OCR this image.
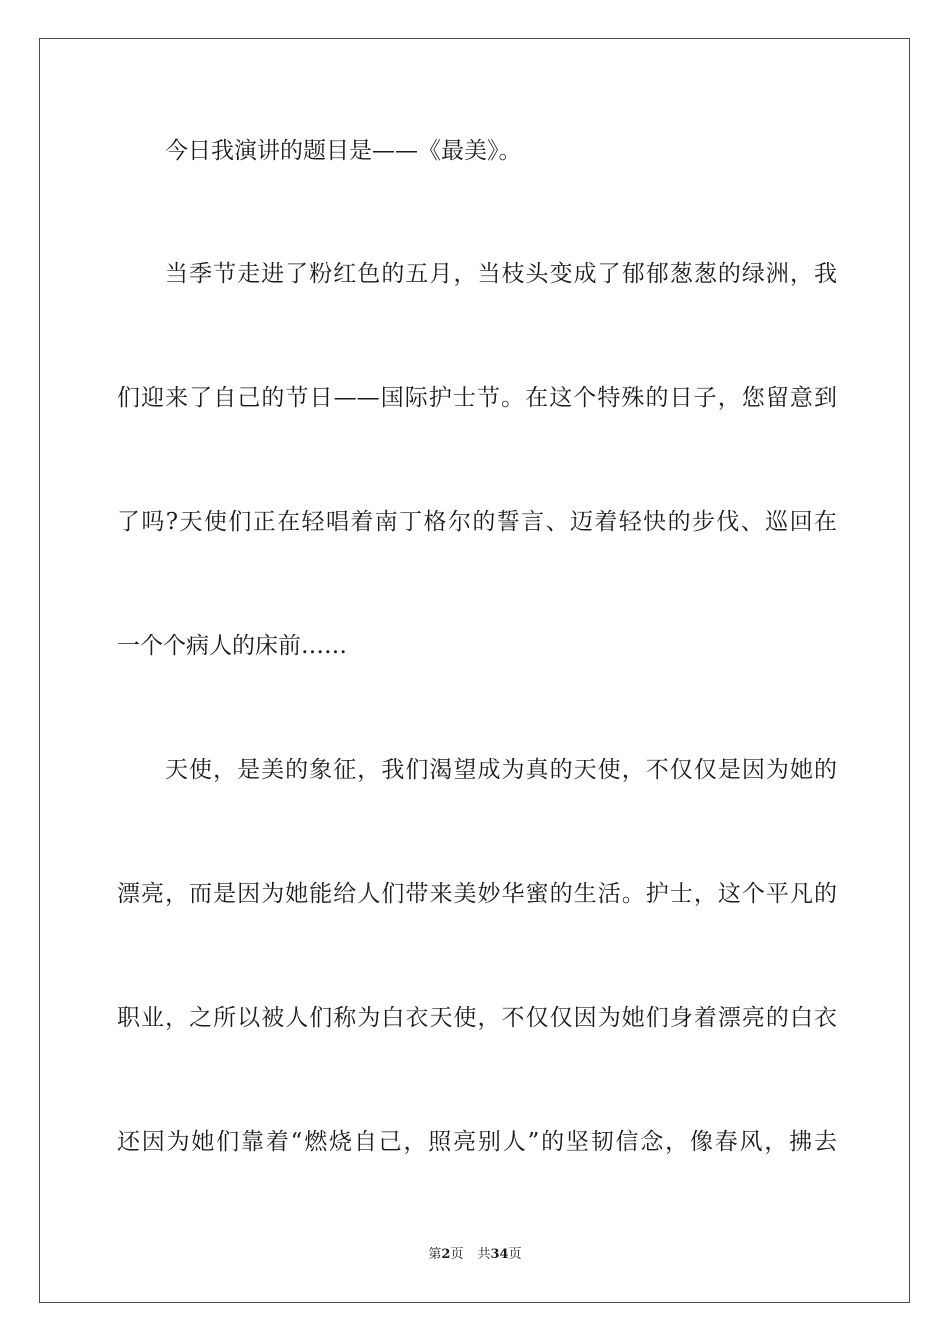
今日我演讲的题目是——《最美》。
当季节走进了粉红色的五月，当枝头变成了郁郁葱葱的绿洲，我
们迎来了自己的节日——国际护士节。在这个特殊的日子，您留意到
了吗?天使们正在轻唱着南丁格尔的誓言、迈着轻快的步伐、巡回在
一个个病人的床前……
天使，是美的象征，我们渴望成为真的天使，不仅仅是因为她的
漂亮，而是因为她能给人们带来美妙华蜜的生活。护士，这个平凡的
职业，之所以被人们称为白衣天使，不仅仅因为她们身着漂亮的白衣
还因为她们靠着“燃烧自己，照亮别人”的坚韧信念，像春风，拂去
第2页 共34页
